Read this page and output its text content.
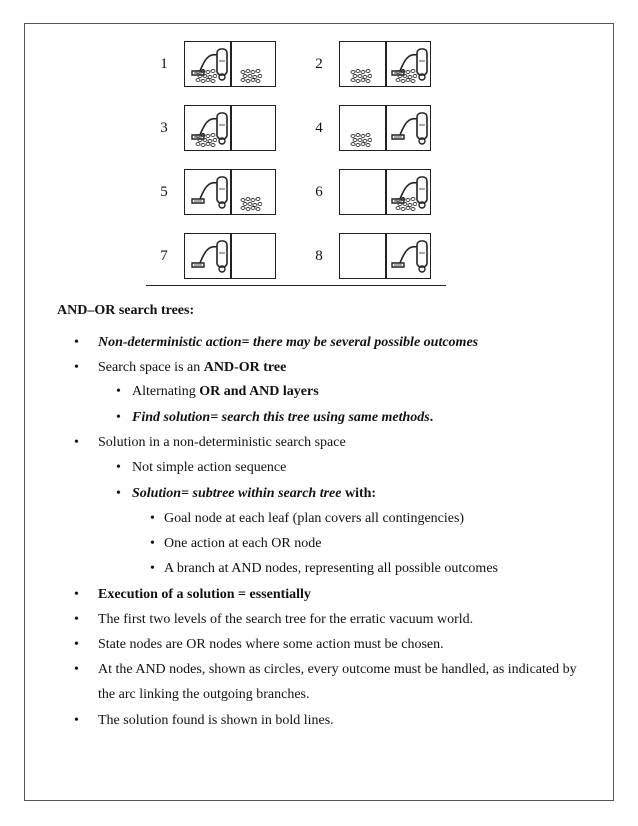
1	2
3	4
5	6
7	8
AND–OR search trees:
• Non-deterministic action= there may be several possible outcomes
• Search space is an AND-OR tree
• Alternating OR and AND layers
• Find solution= search this tree using same methods.
• Solution in a non-deterministic search space
• Not simple action sequence
• Solution= subtree within search tree with:
• Goal node at each leaf (plan covers all contingencies)
• One action at each OR node
• A branch at AND nodes, representing all possible outcomes
• Execution of a solution = essentially
• The first two levels of the search tree for the erratic vacuum world.
• State nodes are OR nodes where some action must be chosen.
• At the AND nodes, shown as circles, every outcome must be handled, as indicated by
the arc linking the outgoing branches.
• The solution found is shown in bold lines.
